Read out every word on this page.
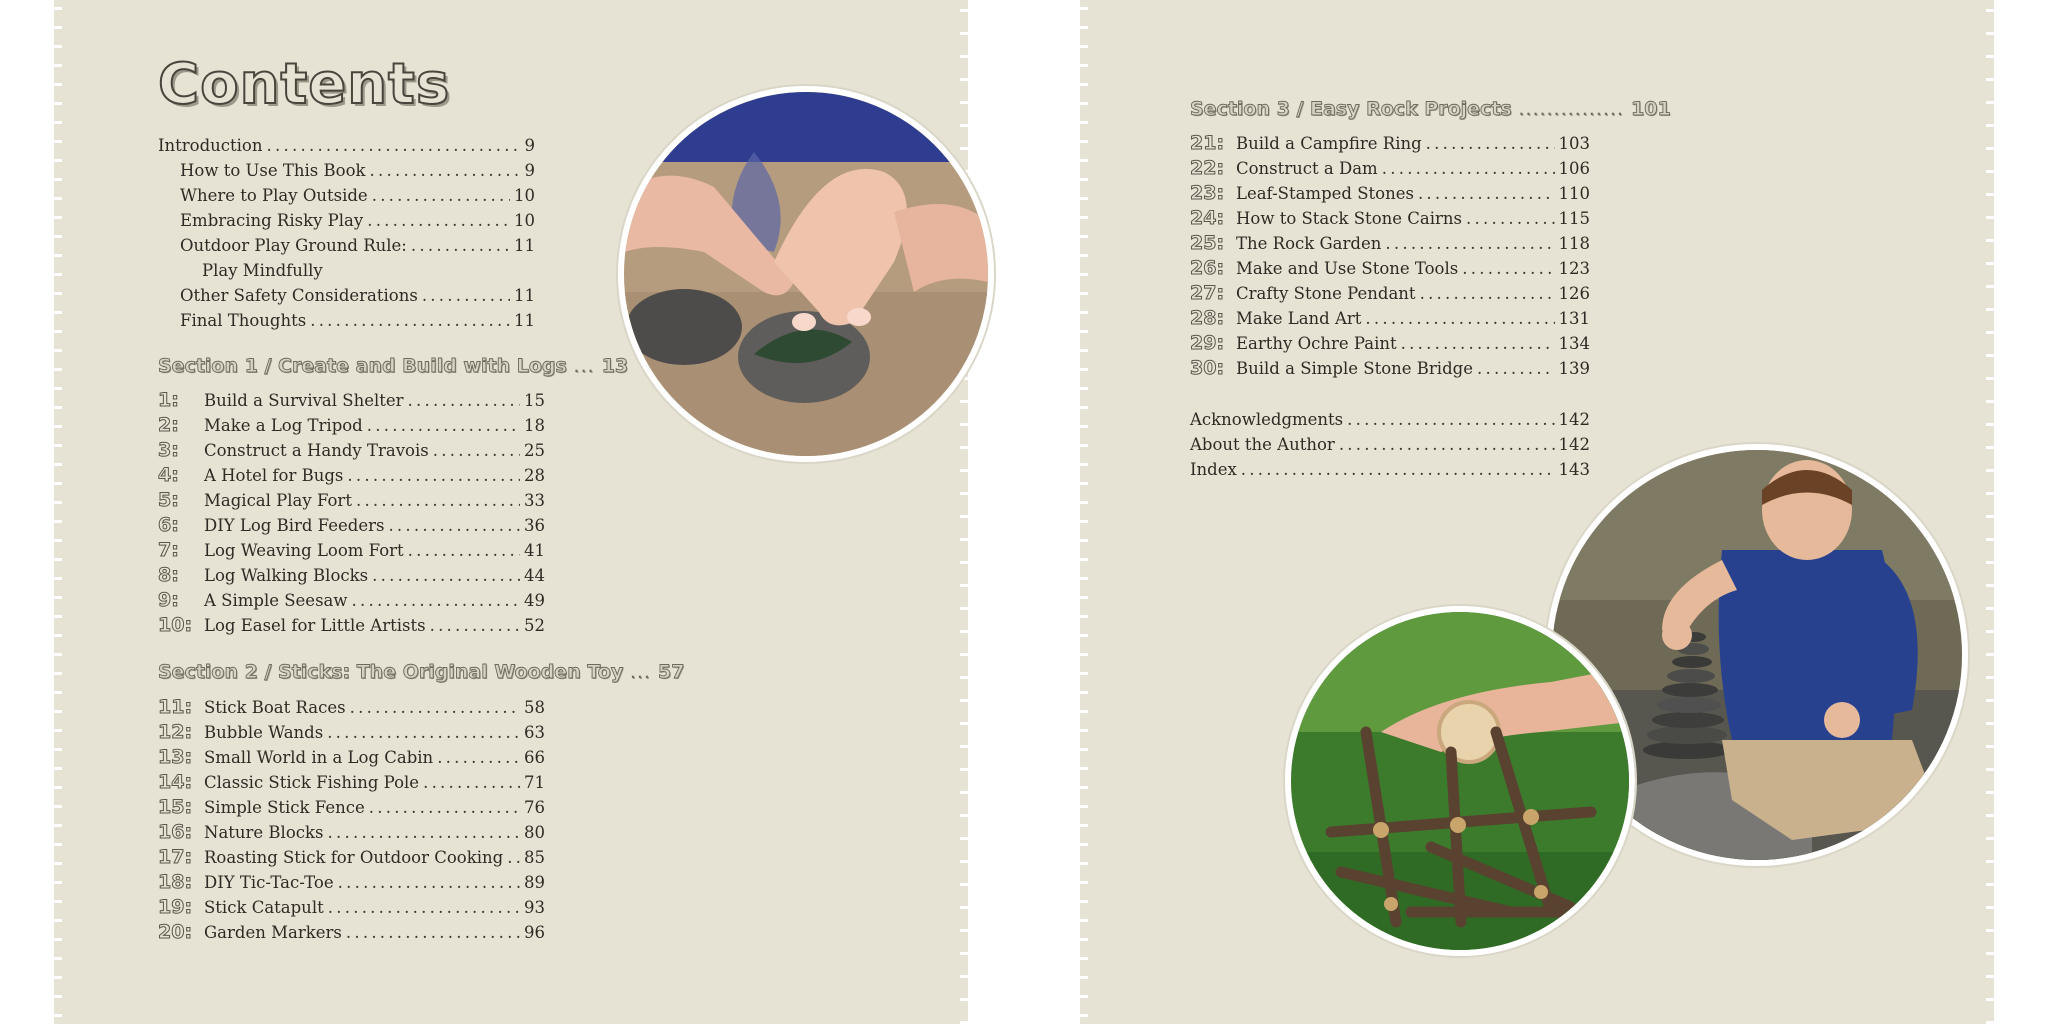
Contents
Introduction . . .	9
How to Use This Book . . .	9
Where to Play Outside . . .	10
Embracing Risky Play . . .	10
Outdoor Play Ground Rule: . . .	11
Play Mindfully
Other Safety Considerations . . .	11
Final Thoughts . . .	11
Section 1 / Create and Build with Logs ... 13
1:	Build a Survival Shelter . . .	15
2:	Make a Log Tripod . . .	18
3:	Construct a Handy Travois . . .	25
4:	A Hotel for Bugs . . .	28
5:	Magical Play Fort . . .	33
6:	DIY Log Bird Feeders . . .	36
7:	Log Weaving Loom Fort . . .	41
8:	Log Walking Blocks . . .	44
9:	A Simple Seesaw . . .	49
10: Log Easel for Little Artists . . .	52
Section 2 / Sticks: The Original Wooden Toy ... 57
11: Stick Boat Races . . .	58
12: Bubble Wands . . .	63
13: Small World in a Log Cabin . . .	66
14: Classic Stick Fishing Pole . . .	71
15: Simple Stick Fence . . .	76
16: Nature Blocks . . .	80
17: Roasting Stick for Outdoor Cooking . . . 85
18: DIY Tic-Tac-Toe . . .	89
19: Stick Catapult . . .	93
20: Garden Markers . . .	96
Section 3 / Easy Rock Projects ............... 101
21: Build a Campfire Ring . . .	103
22: Construct a Dam . . .	106
23: Leaf-Stamped Stones . . .	110
24: How to Stack Stone Cairns . . .	115
25: The Rock Garden . . .	118
26: Make and Use Stone Tools . . .	123
27: Crafty Stone Pendant . . .	126
28: Make Land Art . . .	131
29: Earthy Ochre Paint . . .	134
30: Build a Simple Stone Bridge . . .	139
Acknowledgments . . .	142
About the Author . . .	142
Index . . .	143
